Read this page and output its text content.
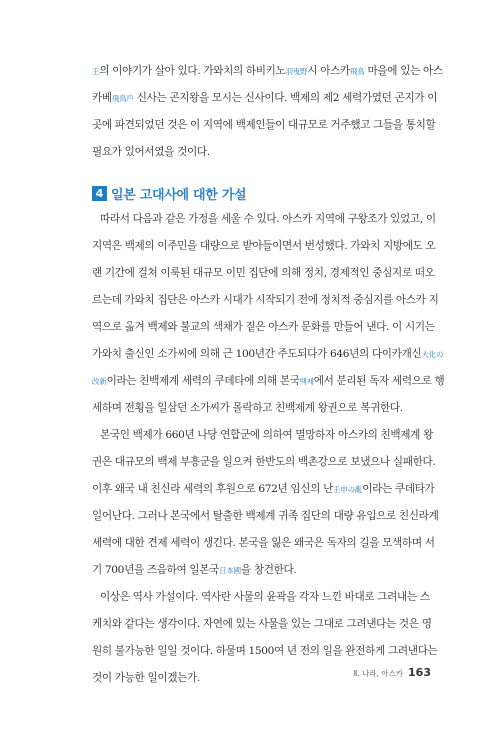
王의 이야기가 살아 있다. 가와치의 하비키노羽曳野시 아스카飛鳥 마을에 있는 아스
카베飛鳥戶 신사는 곤지왕을 모시는 신사이다. 백제의 제2 세력가였던 곤지가 이
곳에 파견되었던 것은 이 지역에 백제인들이 대규모로 거주했고 그들을 통치할
필요가 있어서였을 것이다.
4 일본 고대사에 대한 가설
따라서 다음과 같은 가정을 세울 수 있다. 아스카 지역에 구왕조가 있었고, 이
지역은 백제의 이주민을 대량으로 받아들이면서 번성했다. 가와치 지방에도 오
랜 기간에 걸쳐 이룩된 대규모 이민 집단에 의해 정치, 경제적인 중심지로 떠오
르는데 가와치 집단은 아스카 시대가 시작되기 전에 정치적 중심지를 아스카 지
역으로 옮겨 백제와 불교의 색채가 짙은 아스카 문화를 만들어 낸다. 이 시기는
가와치 출신인 소가씨에 의해 근 100년간 주도되다가 646년의 다이카개신大化の
改新이라는 친백제계 세력의 쿠데타에 의해 본국백제에서 분리된 독자 세력으로 행
세하며 전횡을 일삼던 소가씨가 몰락하고 친백제계 왕권으로 복귀한다.
본국인 백제가 660년 나당 연합군에 의하여 멸망하자 아스카의 친백제계 왕
권은 대규모의 백제 부흥군을 일으켜 한반도의 백촌강으로 보냈으나 실패한다.
이후 왜국 내 친신라 세력의 후원으로 672년 임신의 난壬申の亂이라는 쿠데타가
일어난다. 그러나 본국에서 탈출한 백제계 귀족 집단의 대량 유입으로 친신라계
세력에 대한 견제 세력이 생긴다. 본국을 잃은 왜국은 독자의 길을 모색하며 서
기 700년을 즈음하여 일본국日本國을 창건한다.
이상은 역사 가설이다. 역사란 사물의 윤곽을 각자 느낀 바대로 그려내는 스
케치와 같다는 생각이다. 자연에 있는 사물을 있는 그대로 그려낸다는 것은 영
원히 불가능한 일일 것이다. 하물며 1500여 년 전의 일을 완전하게 그려낸다는
것이 가능한 일이겠는가.	Ⅱ. 나라, 아스카 163
